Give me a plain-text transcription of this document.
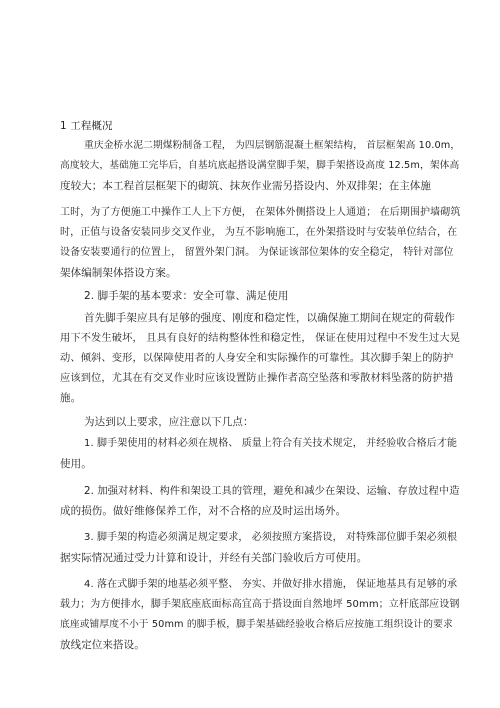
1 工程概况
重庆金桥水泥二期煤粉制备工程， 为四层钢筋混凝土框架结构， 首层框架高 10.0m，
高度较大，基础施工完毕后，自基坑底起搭设满堂脚手架，脚手架搭设高度 12.5m，架体高
度较大；本工程首层框架下的砌筑、抹灰作业需另搭设内、外双排架；在主体施
工时，为了方便施工中操作工人上下方便， 在架体外侧搭设上人通道； 在后期围护墙砌筑
时，正值与设备安装同步交叉作业， 为互不影响施工，在外架搭设时与安装单位结合，在
设备安装要通行的位置上， 留置外架门洞。 为保证该部位架体的安全稳定， 特针对部位
架体编制架体搭设方案。
2. 脚手架的基本要求：安全可靠、满足使用
首先脚手架应具有足够的强度、刚度和稳定性，以确保施工期间在规定的荷载作
用下不发生破坏， 且具有良好的结构整体性和稳定性， 保证在使用过程中不发生过大晃
动、倾斜、变形，以保障使用者的人身安全和实际操作的可靠性。其次脚手架上的防护
应该到位，尤其在有交叉作业时应该设置防止操作者高空坠落和零散材料坠落的防护措
施。
为达到以上要求，应注意以下几点：
1. 脚手架使用的材料必须在规格、 质量上符合有关技术规定， 并经验收合格后才能
使用。
2. 加强对材料、构件和架设工具的管理，避免和减少在架设、运输、存放过程中造
成的损伤。做好维修保养工作，对不合格的应及时运出场外。
3. 脚手架的构造必须满足规定要求， 必须按照方案搭设， 对特殊部位脚手架必须根
据实际情况通过受力计算和设计，并经有关部门验收后方可使用。
4. 落在式脚手架的地基必须平整、 夯实、并做好排水措施， 保证地基具有足够的承
载力；为方便排水，脚手架底座底面标高宜高于搭设面自然地坪 50mm；立杆底部应设钢
底座或铺厚度不小于 50mm 的脚手板，脚手架基础经验收合格后应按施工组织设计的要求
放线定位来搭设。
